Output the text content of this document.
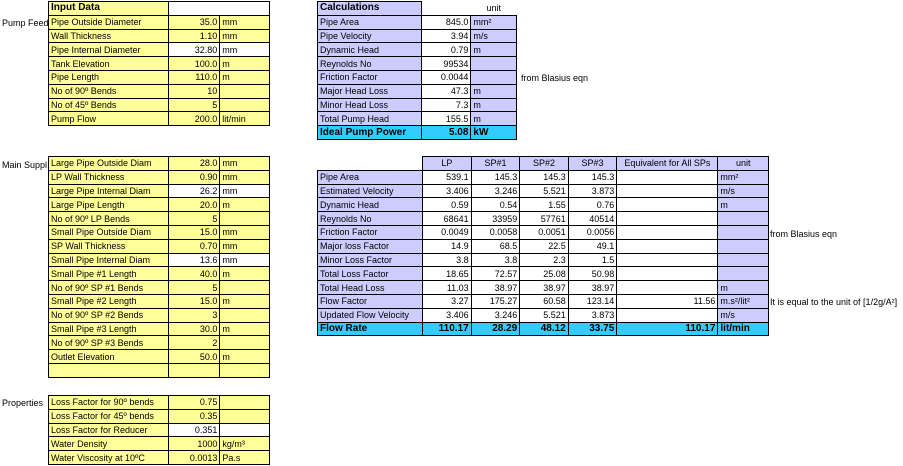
Pump Feed
Main Suppl
Properties
Input Data		
Pipe Outside Diameter	35.0	mm
Wall Thickness	1.10	mm
Pipe Internal Diameter	32.80	mm
Tank Elevation	100.0	m
Pipe Length	110.0	m
No of 90º Bends	10	
No of 45º Bends	5	
Pump Flow	200.0	lit/min
Calculations		unit
Pipe Area	845.0	mm²
Pipe Velocity	3.94	m/s
Dynamic Head	0.79	m
Reynolds No	99534	
Friction Factor	0.0044	
Major Head Loss	47.3	m
Minor Head Loss	7.3	m
Total Pump Head	155.5	m
Ideal Pump Power	5.08	kW
from Blasius eqn
Large Pipe Outside Diam	28.0	mm
LP Wall Thickness	0.90	mm
Large Pipe Internal Diam	26.2	mm
Large Pipe Length	20.0	m
No of 90º LP Bends	5	
Small Pipe Outside Diam	15.0	mm
SP Wall Thickness	0.70	mm
Small Pipe Internal Diam	13.6	mm
Small Pipe #1 Length	40.0	m
No of 90º SP #1 Bends	5	
Small Pipe #2 Length	15.0	m
No of 90º SP #2 Bends	3	
Small Pipe #3 Length	30.0	m
No of 90º SP #3 Bends	2	
Outlet Elevation	50.0	m

	LP	SP#1	SP#2	SP#3	Equivalent for All SPs	unit
Pipe Area	539.1	145.3	145.3	145.3		mm²
Estimated Velocity	3.406	3.246	5.521	3.873		m/s
Dynamic Head	0.59	0.54	1.55	0.76		m
Reynolds No	68641	33959	57761	40514		
Friction Factor	0.0049	0.0058	0.0051	0.0056		
Major loss Factor	14.9	68.5	22.5	49.1		
Minor Loss Factor	3.8	3.8	2.3	1.5		
Total Loss Factor	18.65	72.57	25.08	50.98		
Total Head Loss	11.03	38.97	38.97	38.97		m
Flow Factor	3.27	175.27	60.58	123.14	11.56	m.s²/lit²
Updated Flow Velocity	3.406	3.246	5.521	3.873		m/s
Flow Rate	110.17	28.29	48.12	33.75	110.17	lit/min
from Blasius eqn
It is equal to the unit of [1/2g/A²]
Loss Factor for 90º bends	0.75	
Loss Factor for 45º bends	0.35	
Loss Factor for Reducer	0.351	
Water Density	1000	kg/m³
Water Viscosity at 10ºC	0.0013	Pa.s
